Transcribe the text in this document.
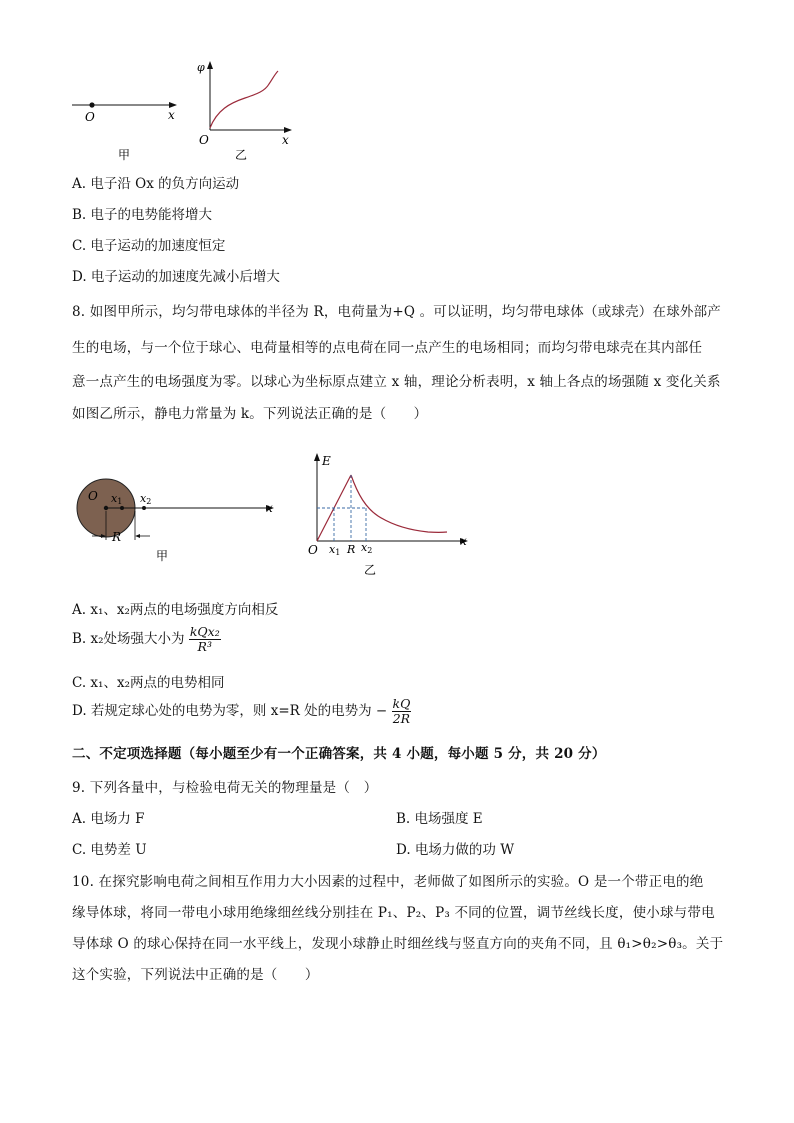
O	x
甲
φ
O	x
乙
A. 电子沿 Ox 的负方向运动
B. 电子的电势能将增大
C. 电子运动的加速度恒定
D. 电子运动的加速度先减小后增大
8. 如图甲所示，均匀带电球体的半径为 R，电荷量为+Q 。可以证明，均匀带电球体（或球壳）在球外部产
生的电场，与一个位于球心、电荷量相等的点电荷在同一点产生的电场相同；而均匀带电球壳在其内部任
意一点产生的电场强度为零。以球心为坐标原点建立 x 轴，理论分析表明，x 轴上各点的场强随 x 变化关系
如图乙所示，静电力常量为 k。下列说法正确的是（　　）
O x1 x2	x
R
甲
E
O x1 R x2
x
乙
A. x₁、x₂两点的电场强度方向相反
B. x₂处场强大小为 $\frac{\text{kQx₂}}{\text{R³}}$
C. x₁、x₂两点的电势相同
D. 若规定球心处的电势为零，则 x=R 处的电势为 − $\frac{kQ}{2R}$
二、不定项选择题（每小题至少有一个正确答案，共 4 小题，每小题 5 分，共 20 分）
9. 下列各量中，与检验电荷无关的物理量是（　）
A. 电场力 F	B. 电场强度 E
C. 电势差 U	D. 电场力做的功 W
10. 在探究影响电荷之间相互作用力大小因素的过程中，老师做了如图所示的实验。O 是一个带正电的绝
缘导体球，将同一带电小球用绝缘细丝线分别挂在 P₁、P₂、P₃ 不同的位置，调节丝线长度，使小球与带电
导体球 O 的球心保持在同一水平线上，发现小球静止时细丝线与竖直方向的夹角不同，且 θ₁>θ₂>θ₃。关于
这个实验，下列说法中正确的是（　　）
